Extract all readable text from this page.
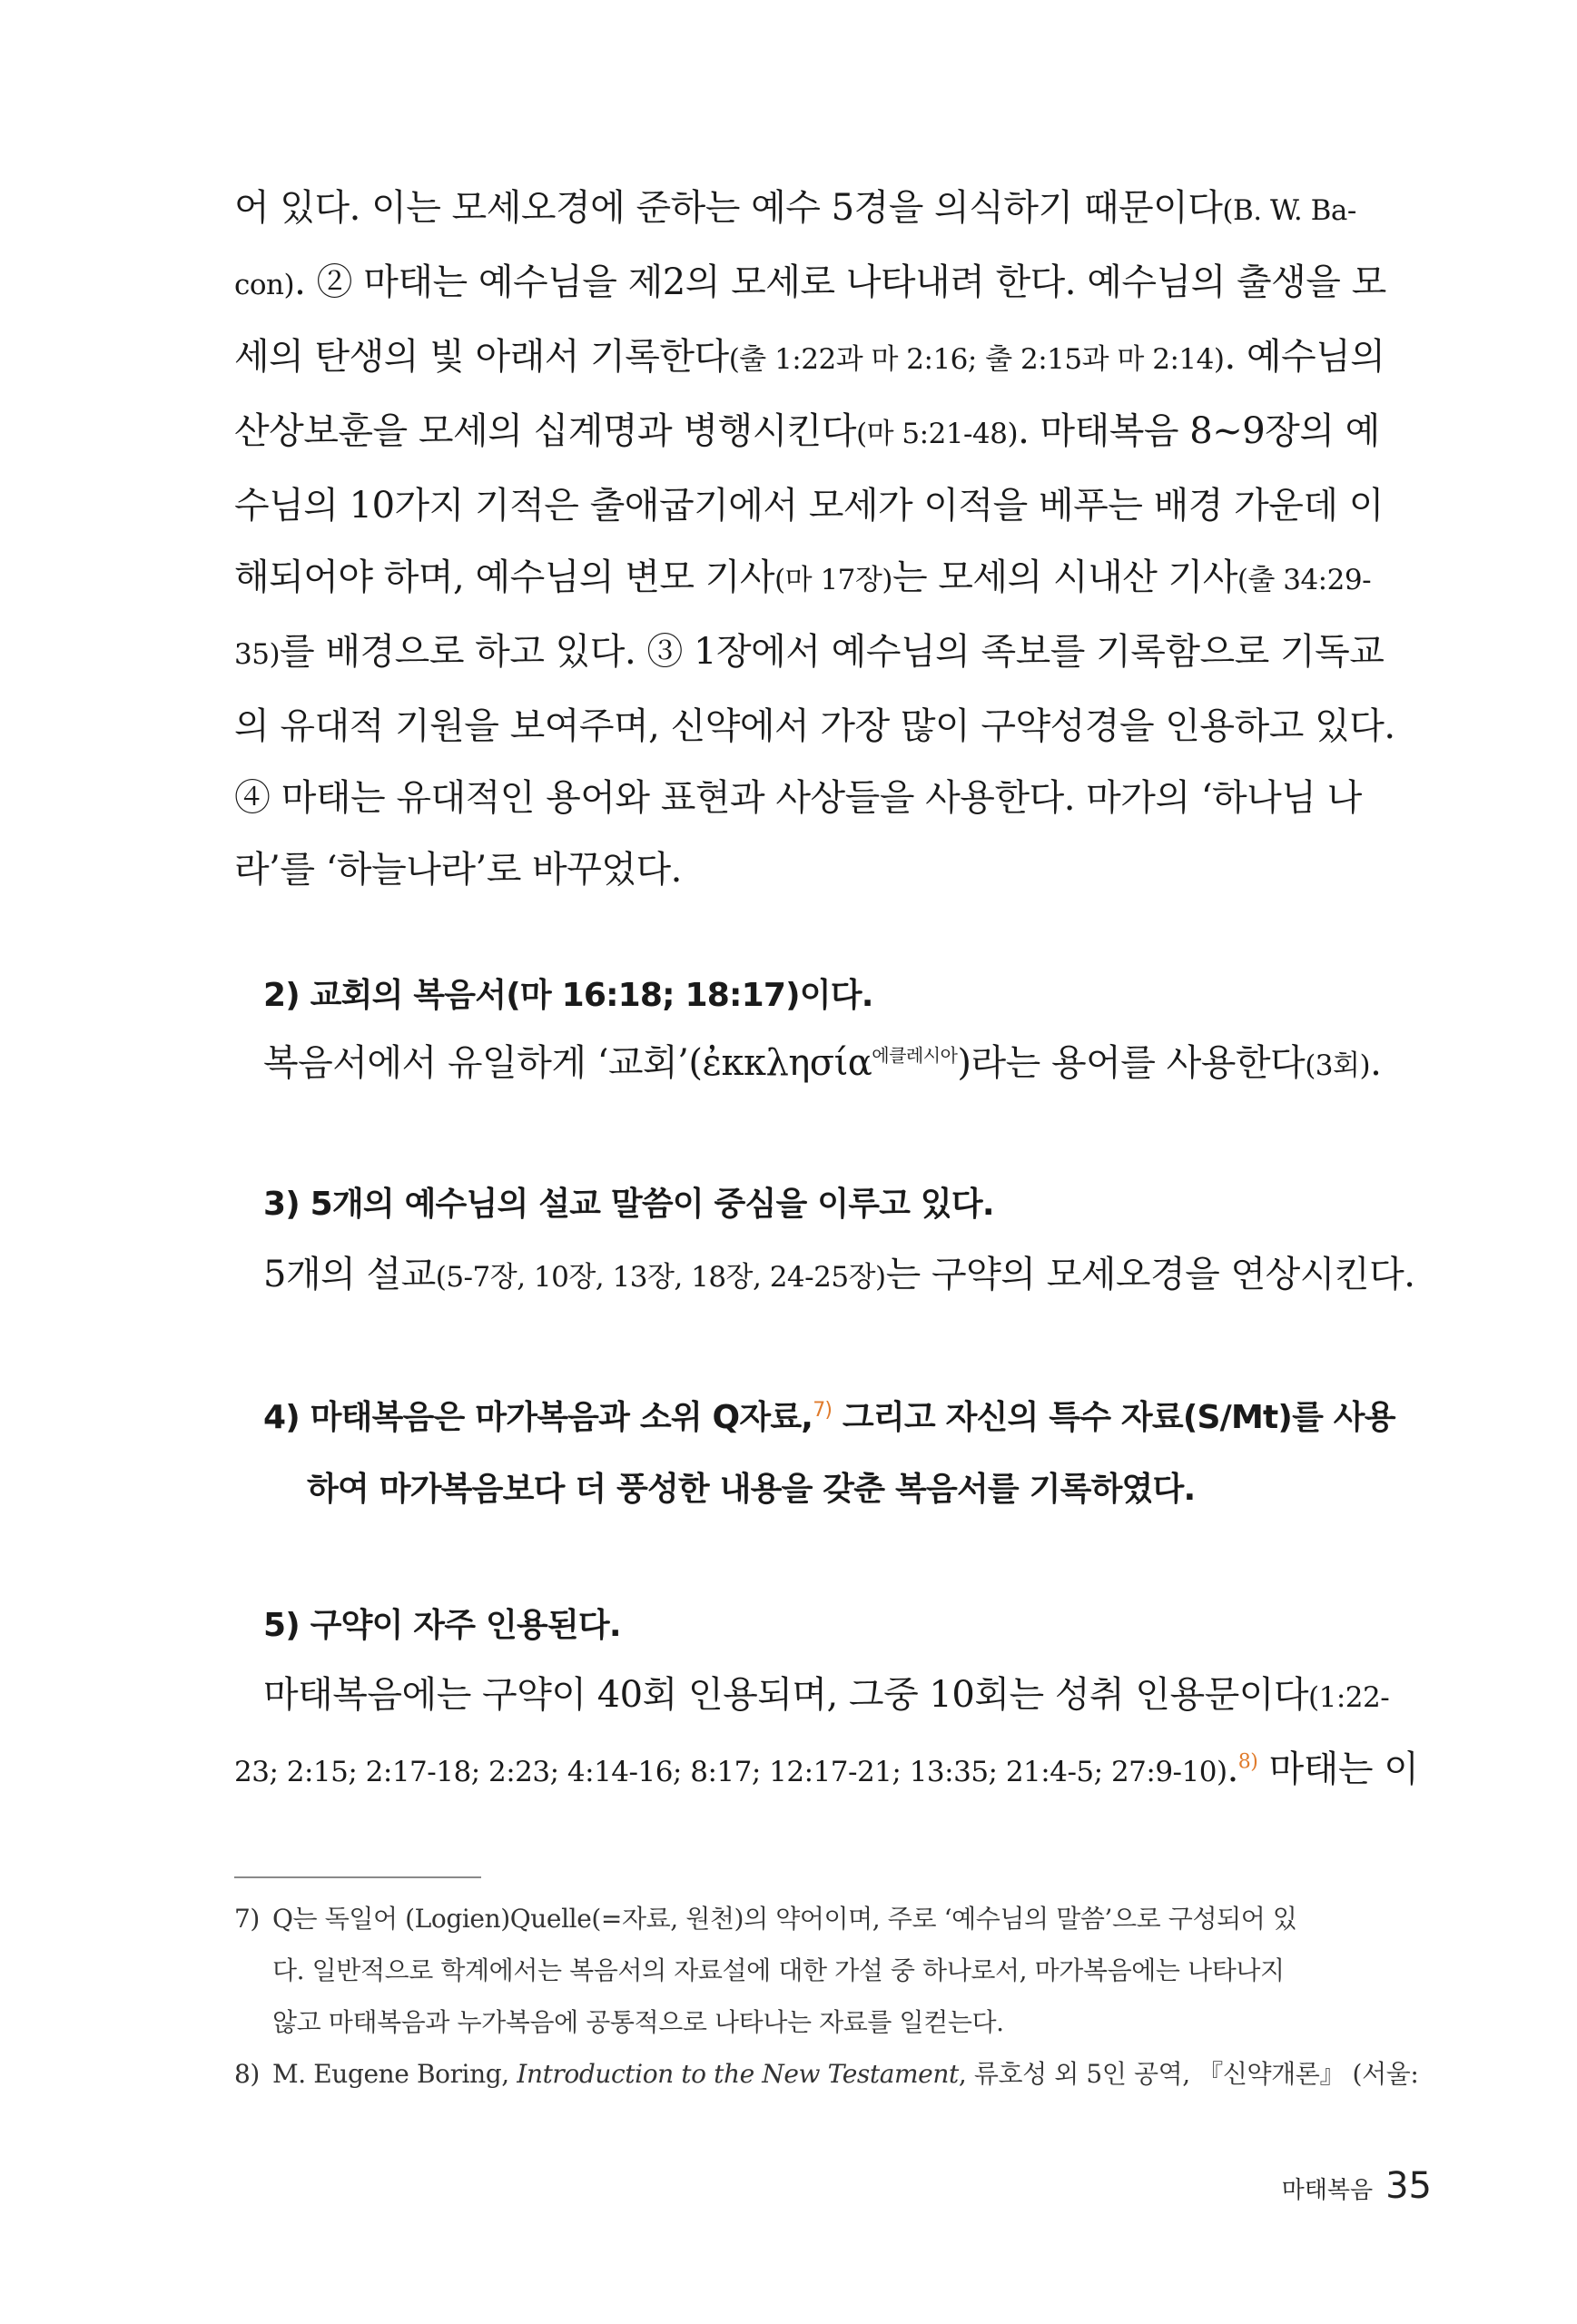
어 있다. 이는 모세오경에 준하는 예수 5경을 의식하기 때문이다(B. W. Ba-
con). ② 마태는 예수님을 제2의 모세로 나타내려 한다. 예수님의 출생을 모
세의 탄생의 빛 아래서 기록한다(출 1:22과 마 2:16; 출 2:15과 마 2:14). 예수님의
산상보훈을 모세의 십계명과 병행시킨다(마 5:21-48). 마태복음 8~9장의 예
수님의 10가지 기적은 출애굽기에서 모세가 이적을 베푸는 배경 가운데 이
해되어야 하며, 예수님의 변모 기사(마 17장)는 모세의 시내산 기사(출 34:29-
35)를 배경으로 하고 있다. ③ 1장에서 예수님의 족보를 기록함으로 기독교
의 유대적 기원을 보여주며, 신약에서 가장 많이 구약성경을 인용하고 있다.
④ 마태는 유대적인 용어와 표현과 사상들을 사용한다. 마가의 ‘하나님 나
라’를 ‘하늘나라’로 바꾸었다.

2) 교회의 복음서(마 16:18; 18:17)이다.

복음서에서 유일하게 ‘교회’(ἐκκλησία$^{에클레시아}$)라는 용어를 사용한다(3회).

3) 5개의 예수님의 설교 말씀이 중심을 이루고 있다.

5개의 설교(5-7장, 10장, 13장, 18장, 24-25장)는 구약의 모세오경을 연상시킨다.

4) 마태복음은 마가복음과 소위 Q자료,$^{7)}$ 그리고 자신의 특수 자료(S/Mt)를 사용
하여 마가복음보다 더 풍성한 내용을 갖춘 복음서를 기록하였다.

5) 구약이 자주 인용된다.

마태복음에는 구약이 40회 인용되며, 그중 10회는 성취 인용문이다(1:22-
23; 2:15; 2:17-18; 2:23; 4:14-16; 8:17; 12:17-21; 13:35; 21:4-5; 27:9-10).$^{8)}$ 마태는 이
7) Q는 독일어 (Logien)Quelle(=자료, 원천)의 약어이며, 주로 ‘예수님의 말씀’으로 구성되어 있
다. 일반적으로 학계에서는 복음서의 자료설에 대한 가설 중 하나로서, 마가복음에는 나타나지
않고 마태복음과 누가복음에 공통적으로 나타나는 자료를 일컫는다.
8) M. Eugene Boring, Introduction to the New Testament, 류호성 외 5인 공역, 『신약개론』 (서울:
마태복음 35
